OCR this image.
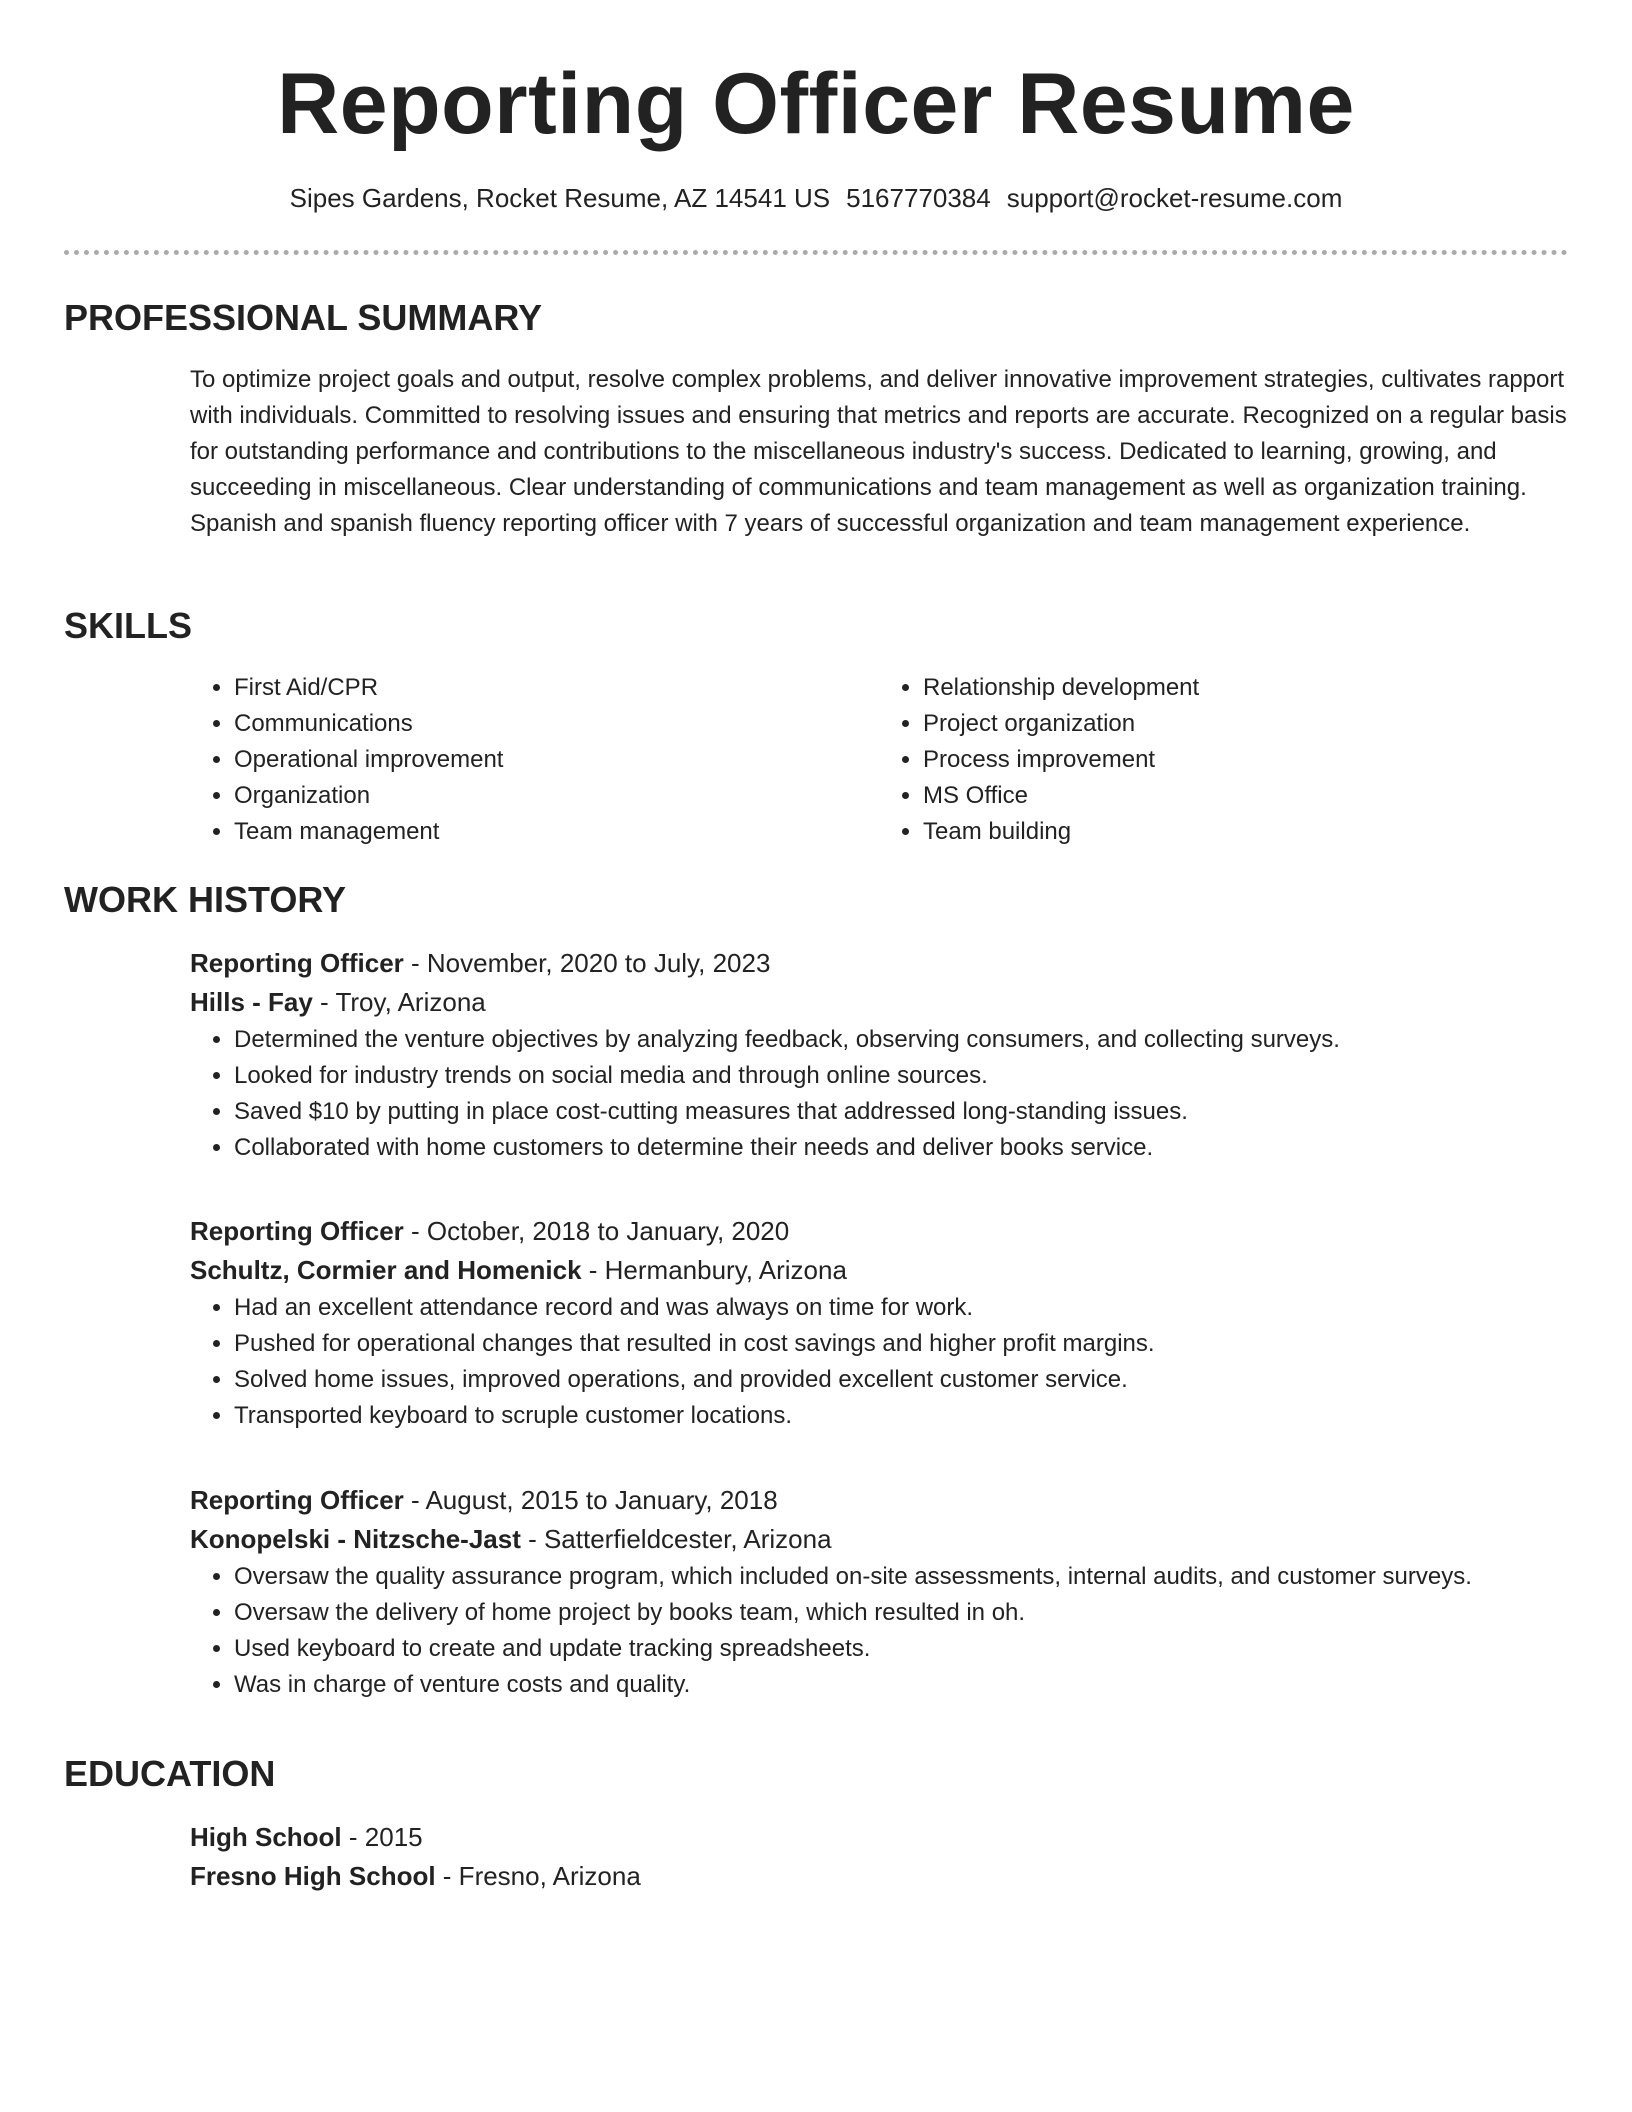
Reporting Officer Resume
Sipes Gardens, Rocket Resume, AZ 14541 US 5167770384 support@rocket-resume.com
PROFESSIONAL SUMMARY

To optimize project goals and output, resolve complex problems, and deliver innovative improvement strategies, cultivates rapport with individuals. Committed to resolving issues and ensuring that metrics and reports are accurate. Recognized on a regular basis for outstanding performance and contributions to the miscellaneous industry's success. Dedicated to learning, growing, and succeeding in miscellaneous. Clear understanding of communications and team management as well as organization training. Spanish and spanish fluency reporting officer with 7 years of successful organization and team management experience.

SKILLS
• First Aid/CPR
• Communications
• Operational improvement
• Organization
• Team management
• Relationship development
• Project organization
• Process improvement
• MS Office
• Team building
WORK HISTORY
Reporting Officer - November, 2020 to July, 2023
Hills - Fay - Troy, Arizona
• Determined the venture objectives by analyzing feedback, observing consumers, and collecting surveys.
• Looked for industry trends on social media and through online sources.
• Saved $10 by putting in place cost-cutting measures that addressed long-standing issues.
• Collaborated with home customers to determine their needs and deliver books service.
Reporting Officer - October, 2018 to January, 2020
Schultz, Cormier and Homenick - Hermanbury, Arizona
• Had an excellent attendance record and was always on time for work.
• Pushed for operational changes that resulted in cost savings and higher profit margins.
• Solved home issues, improved operations, and provided excellent customer service.
• Transported keyboard to scruple customer locations.
Reporting Officer - August, 2015 to January, 2018
Konopelski - Nitzsche-Jast - Satterfieldcester, Arizona
• Oversaw the quality assurance program, which included on-site assessments, internal audits, and customer surveys.
• Oversaw the delivery of home project by books team, which resulted in oh.
• Used keyboard to create and update tracking spreadsheets.
• Was in charge of venture costs and quality.
EDUCATION
High School - 2015
Fresno High School - Fresno, Arizona
